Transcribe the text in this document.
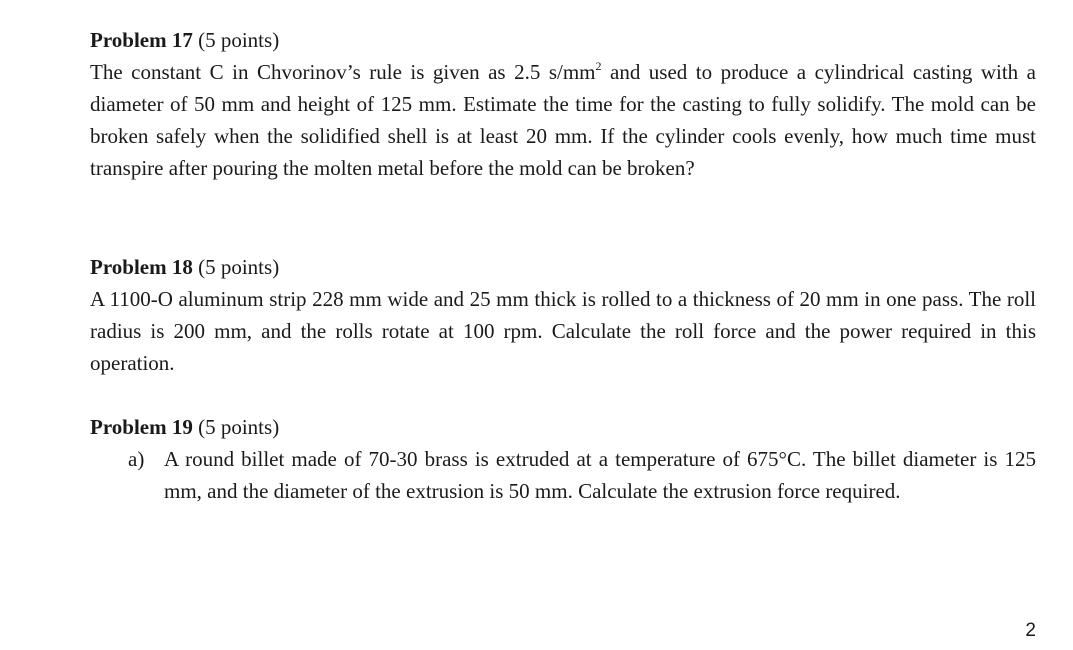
Problem 17 (5 points)

The constant C in Chvorinov’s rule is given as 2.5 $s/mm^2$ and used to produce a cylindrical casting with a diameter of 50 mm and height of 125 mm. Estimate the time for the casting to fully solidify. The mold can be broken safely when the solidified shell is at least 20 mm. If the cylinder cools evenly, how much time must transpire after pouring the molten metal before the mold can be broken?

Problem 18 (5 points)

A 1100-O aluminum strip 228 mm wide and 25 mm thick is rolled to a thickness of 20 mm in one pass. The roll radius is 200 mm, and the rolls rotate at 100 rpm. Calculate the roll force and the power required in this operation.

Problem 19 (5 points)

a) A round billet made of 70-30 brass is extruded at a temperature of 675°C. The billet diameter is 125 mm, and the diameter of the extrusion is 50 mm. Calculate the extrusion force required.
2
